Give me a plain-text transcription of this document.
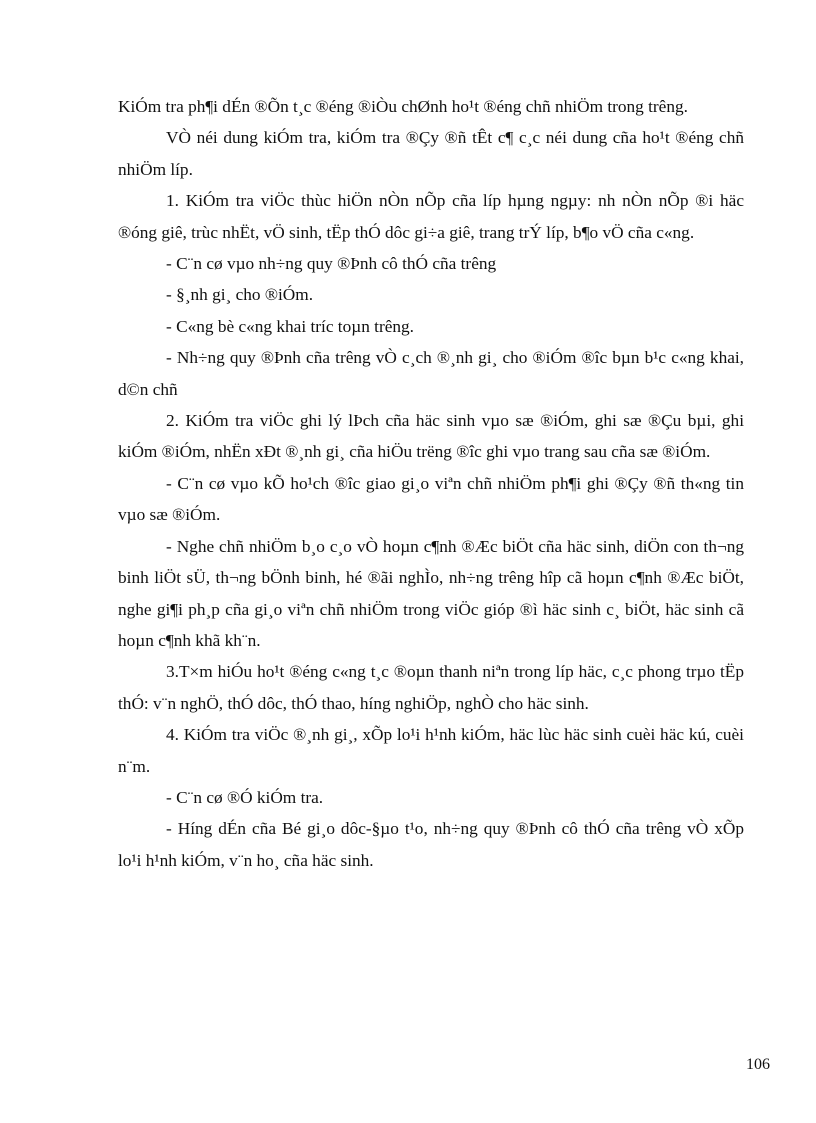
KiÓm tra ph¶i dÉn ®Õn t¸c ®éng ®iÒu chØnh ho¹t ®éng chñ nhiÖm trong trêng.

VÒ néi dung kiÓm tra, kiÓm tra ®Çy ®ñ tÊt c¶ c¸c néi dung cña ho¹t ®éng chñ nhiÖm líp.

1. KiÓm tra viÖc thùc hiÖn nÒn nÕp cña líp hµng ngµy: nh nÒn nÕp ®i häc ®óng giê, trùc nhËt, vÖ sinh, tËp thÓ dôc gi÷a giê, trang trÝ líp, b¶o vÖ cña c«ng.

- C¨n cø vµo nh÷ng quy ®Þnh cô thÓ cña trêng

- §¸nh gi¸ cho ®iÓm.

- C«ng bè c«ng khai tríc toµn trêng.

- Nh÷ng quy ®Þnh cña trêng vÒ c¸ch ®¸nh gi¸ cho ®iÓm ®îc bµn b¹c c«ng khai, d©n chñ

2. KiÓm tra viÖc ghi lý lÞch cña häc sinh vµo sæ ®iÓm, ghi sæ ®Çu bµi, ghi kiÓm ®iÓm, nhËn xÐt ®¸nh gi¸ cña hiÖu trëng ®îc ghi vµo trang sau cña sæ ®iÓm.

- C¨n cø vµo kÕ ho¹ch ®îc giao gi¸o viªn chñ nhiÖm ph¶i ghi ®Çy ®ñ th«ng tin vµo sæ ®iÓm.

- Nghe chñ nhiÖm b¸o c¸o vÒ hoµn c¶nh ®Æc biÖt cña häc sinh, diÖn con th¬ng binh liÖt sÜ, th¬ng bÖnh binh, hé ®ãi nghÌo, nh÷ng trêng hîp cã hoµn c¶nh ®Æc biÖt, nghe gi¶i ph¸p cña gi¸o viªn chñ nhiÖm trong viÖc gióp ®ì häc sinh c¸ biÖt, häc sinh cã hoµn c¶nh khã kh¨n.

3.T×m hiÓu ho¹t ®éng c«ng t¸c ®oµn thanh niªn trong líp häc, c¸c phong trµo tËp thÓ: v¨n nghÖ, thÓ dôc, thÓ thao, híng nghiÖp, nghÒ cho häc sinh.

4. KiÓm tra viÖc ®¸nh gi¸, xÕp lo¹i h¹nh kiÓm, häc lùc häc sinh cuèi häc kú, cuèi n¨m.

- C¨n cø ®Ó kiÓm tra.

- Híng dÉn cña Bé gi¸o dôc-§µo t¹o, nh÷ng quy ®Þnh cô thÓ cña trêng vÒ xÕp lo¹i h¹nh kiÓm, v¨n ho¸ cña häc sinh.

106
